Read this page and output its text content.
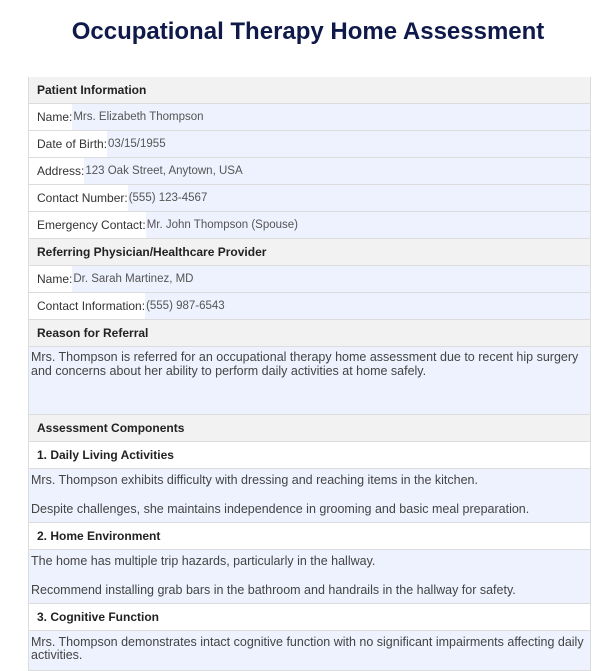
Occupational Therapy Home Assessment
Patient Information
Name: Mrs. Elizabeth Thompson
Date of Birth: 03/15/1955
Address: 123 Oak Street, Anytown, USA
Contact Number: (555) 123-4567
Emergency Contact: Mr. John Thompson (Spouse)
Referring Physician/Healthcare Provider
Name: Dr. Sarah Martinez, MD
Contact Information: (555) 987-6543
Reason for Referral

Mrs. Thompson is referred for an occupational therapy home assessment due to recent hip surgery and concerns about her ability to perform daily activities at home safely.

Assessment Components
1. Daily Living Activities

Mrs. Thompson exhibits difficulty with dressing and reaching items in the kitchen.

Despite challenges, she maintains independence in grooming and basic meal preparation.

2. Home Environment

The home has multiple trip hazards, particularly in the hallway.

Recommend installing grab bars in the bathroom and handrails in the hallway for safety.

3. Cognitive Function

Mrs. Thompson demonstrates intact cognitive function with no significant impairments affecting daily activities.
